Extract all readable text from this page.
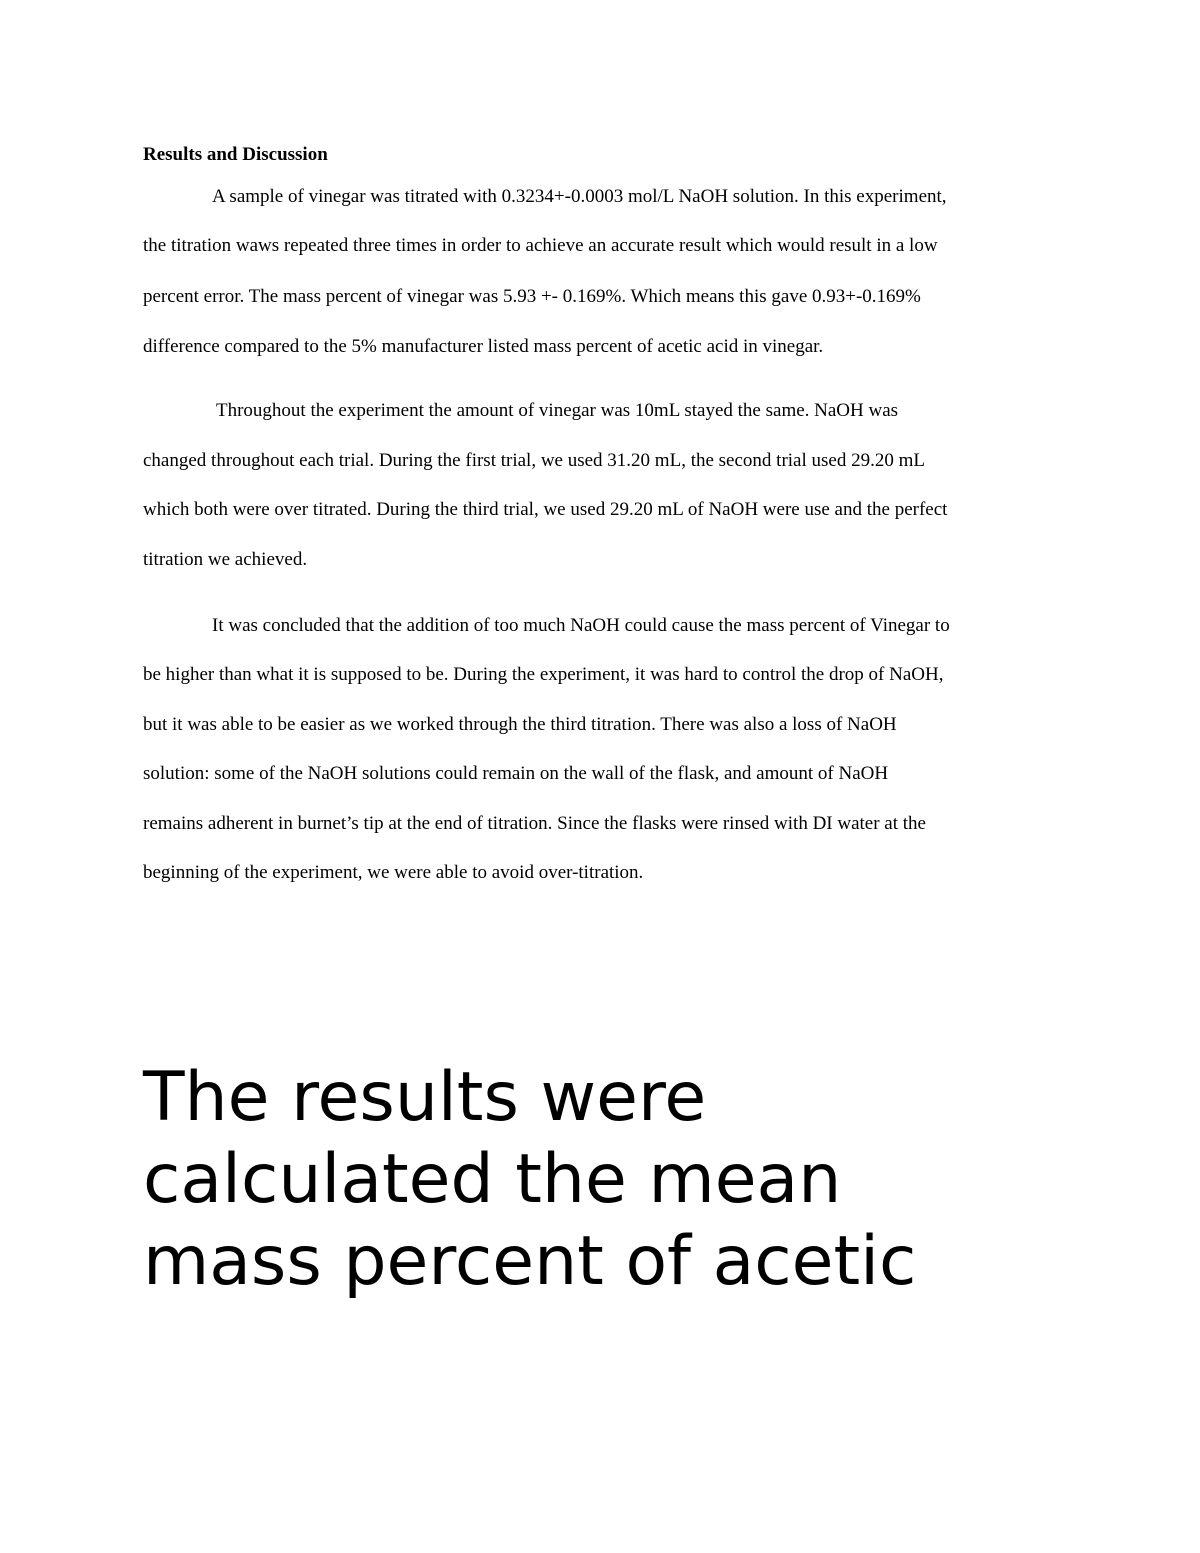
Results and Discussion
A sample of vinegar was titrated with 0.3234+-0.0003 mol/L NaOH solution. In this experiment,
the titration waws repeated three times in order to achieve an accurate result which would result in a low
percent error. The mass percent of vinegar was 5.93 +- 0.169%. Which means this gave 0.93+-0.169%
difference compared to the 5% manufacturer listed mass percent of acetic acid in vinegar.
Throughout the experiment the amount of vinegar was 10mL stayed the same. NaOH was
changed throughout each trial. During the first trial, we used 31.20 mL, the second trial used 29.20 mL
which both were over titrated. During the third trial, we used 29.20 mL of NaOH were use and the perfect
titration we achieved.
It was concluded that the addition of too much NaOH could cause the mass percent of Vinegar to
be higher than what it is supposed to be. During the experiment, it was hard to control the drop of NaOH,
but it was able to be easier as we worked through the third titration. There was also a loss of NaOH
solution: some of the NaOH solutions could remain on the wall of the flask, and amount of NaOH
remains adherent in burnet’s tip at the end of titration. Since the flasks were rinsed with DI water at the
beginning of the experiment, we were able to avoid over-titration.
The results were
calculated the mean
mass percent of acetic
